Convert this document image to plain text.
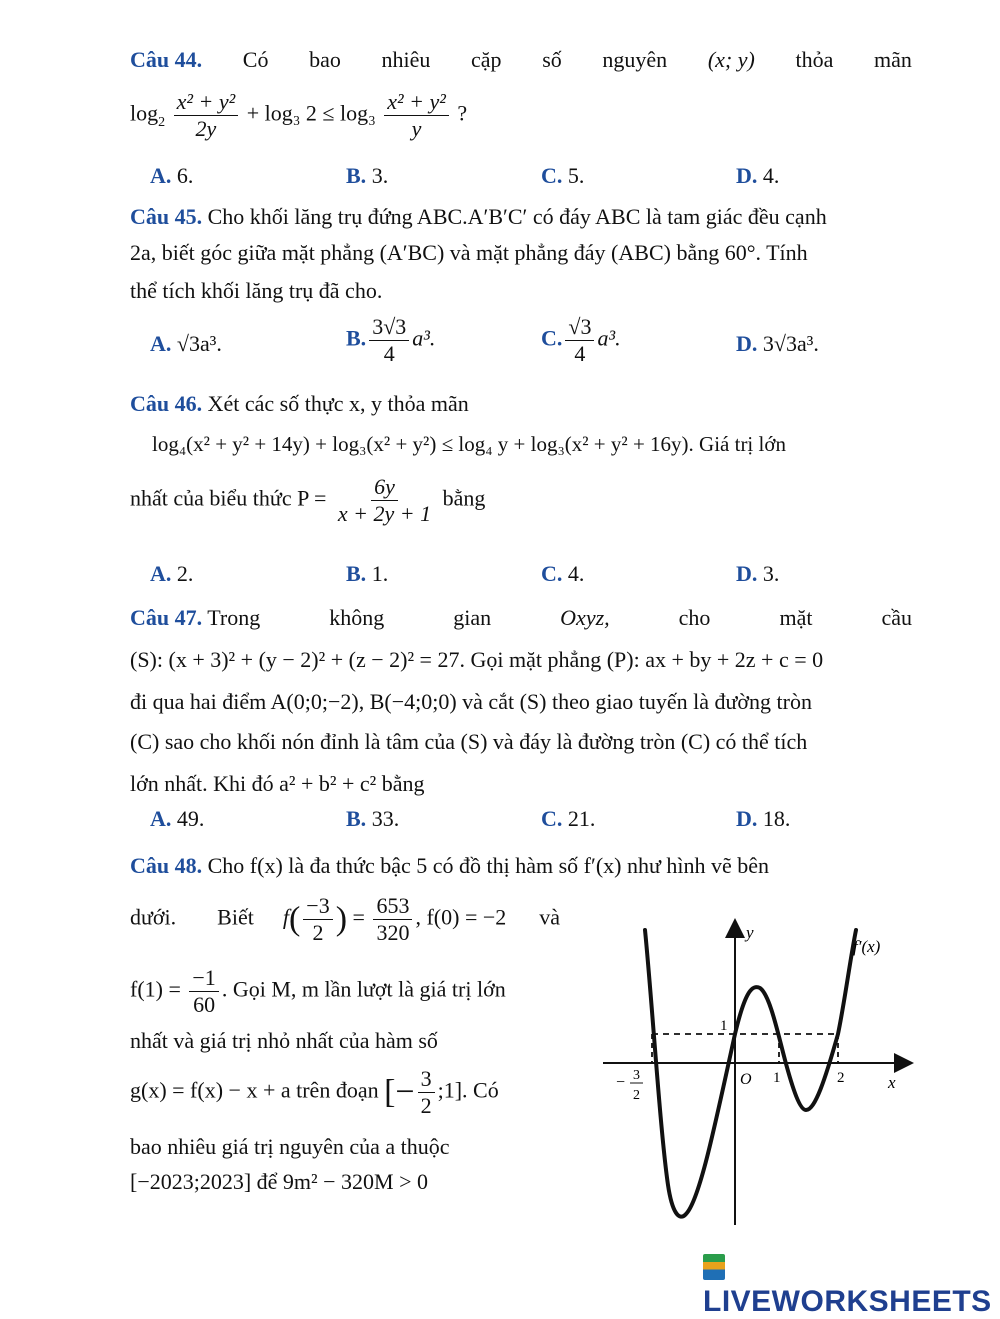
Câu 44. Có bao nhiêu cặp số nguyên (x; y) thỏa mãn
$\log_2 \frac{\text{x² + y²}}{2y} + \log_3$ $2 \le \log_3 \frac{\text{x² + y²}}{y}$ ?
A. 6.	B. 3.	C. 5.	D. 4.
Câu 45. Cho khối lăng trụ đứng ABC.A′B′C′ có đáy ABC là tam giác đều cạnh
2a, biết góc giữa mặt phẳng (A′BC) và mặt phẳng đáy (ABC) bằng 60°. Tính
thể tích khối lăng trụ đã cho.
A. √3a³.	B. $\frac{3√3}{4} a^3$.	C. $\frac{√3}{4} a^3$.	D. 3√3a³.
Câu 46. Xét các số thực x, y thỏa mãn
log₄(x² + y² + 14y) + log₃(x² + y²) ≤ log₄ y + log₃(x² + y² + 16y). Giá trị lớn
nhất của biểu thức $P = \frac{6y}{x + 2y + 1}$ bằng
A. 2.	B. 1.	C. 4.	D. 3.
Câu 47. Trong	không	gian	Oxyz,	cho	mặt	cầu
(S): (x + 3)² + (y − 2)² + (z − 2)² = 27. Gọi mặt phẳng (P): ax + by + 2z + c = 0
đi qua hai điểm A(0;0;−2), B(−4;0;0) và cắt (S) theo giao tuyến là đường tròn
(C) sao cho khối nón đỉnh là tâm của (S) và đáy là đường tròn (C) có thể tích
lớn nhất. Khi đó a² + b² + c² bằng
A. 49.	B. 33.	C. 21.	D. 18.
Câu 48. Cho f(x) là đa thức bậc 5 có đồ thị hàm số f′(x) như hình vẽ bên
dưới. Biết $f( \frac{-3}{2}$ ) = $\frac{653}{320}$ , f(0) = −2 và
$f(1) = \frac{-1}{60}$ . Gọi M, m lần lượt là giá trị lớn
nhất và giá trị nhỏ nhất của hàm số
g(x) = f(x) − x + a trên đoạn [− $\frac{3}{2}$ ;1]. Có
bao nhiêu giá trị nguyên của a thuộc
[−2023;2023] để 9m² − 320M > 0
y
x
O
f′(x)
1
1	2
− 3
2
LIVEWORKSHEETS
